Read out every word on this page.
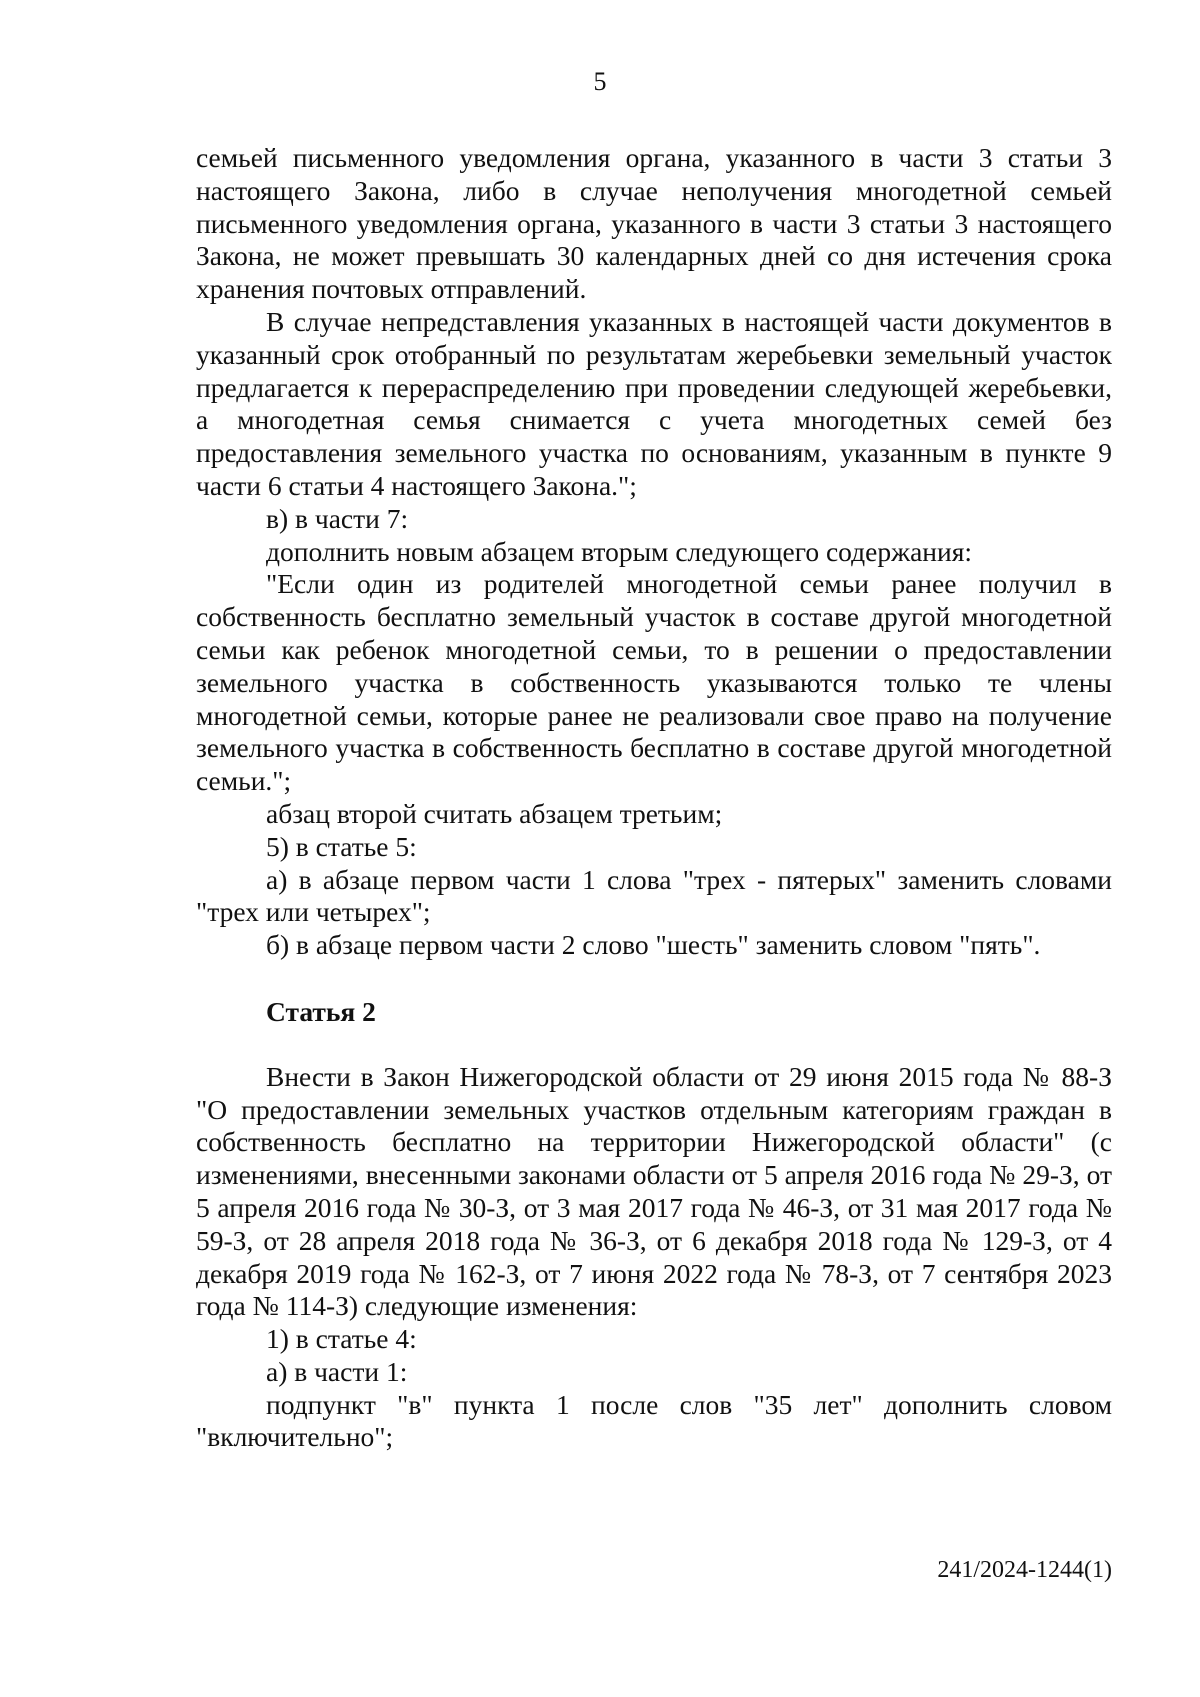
5

семьей письменного уведомления органа, указанного в части 3 статьи 3 настоящего Закона, либо в случае неполучения многодетной семьей письменного уведомления органа, указанного в части 3 статьи 3 настоящего Закона, не может превышать 30 календарных дней со дня истечения срока хранения почтовых отправлений.

В случае непредставления указанных в настоящей части документов в указанный срок отобранный по результатам жеребьевки земельный участок предлагается к перераспределению при проведении следующей жеребьевки, а многодетная семья снимается с учета многодетных семей без предоставления земельного участка по основаниям, указанным в пункте 9 части 6 статьи 4 настоящего Закона.";

в) в части 7:

дополнить новым абзацем вторым следующего содержания:

"Если один из родителей многодетной семьи ранее получил в собственность бесплатно земельный участок в составе другой многодетной семьи как ребенок многодетной семьи, то в решении о предоставлении земельного участка в собственность указываются только те члены многодетной семьи, которые ранее не реализовали свое право на получение земельного участка в собственность бесплатно в составе другой многодетной семьи.";

абзац второй считать абзацем третьим;

5) в статье 5:

а) в абзаце первом части 1 слова "трех - пятерых" заменить словами "трех или четырех";

б) в абзаце первом части 2 слово "шесть" заменить словом "пять".

Статья 2

Внести в Закон Нижегородской области от 29 июня 2015 года № 88-З "О предоставлении земельных участков отдельным категориям граждан в собственность бесплатно на территории Нижегородской области" (с изменениями, внесенными законами области от 5 апреля 2016 года № 29-З, от 5 апреля 2016 года № 30-З, от 3 мая 2017 года № 46-З, от 31 мая 2017 года № 59-З, от 28 апреля 2018 года № 36-З, от 6 декабря 2018 года № 129-З, от 4 декабря 2019 года № 162-З, от 7 июня 2022 года № 78-З, от 7 сентября 2023 года № 114-З) следующие изменения:

1) в статье 4:

а) в части 1:

подпункт "в" пункта 1 после слов "35 лет" дополнить словом "включительно";

241/2024-1244(1)
